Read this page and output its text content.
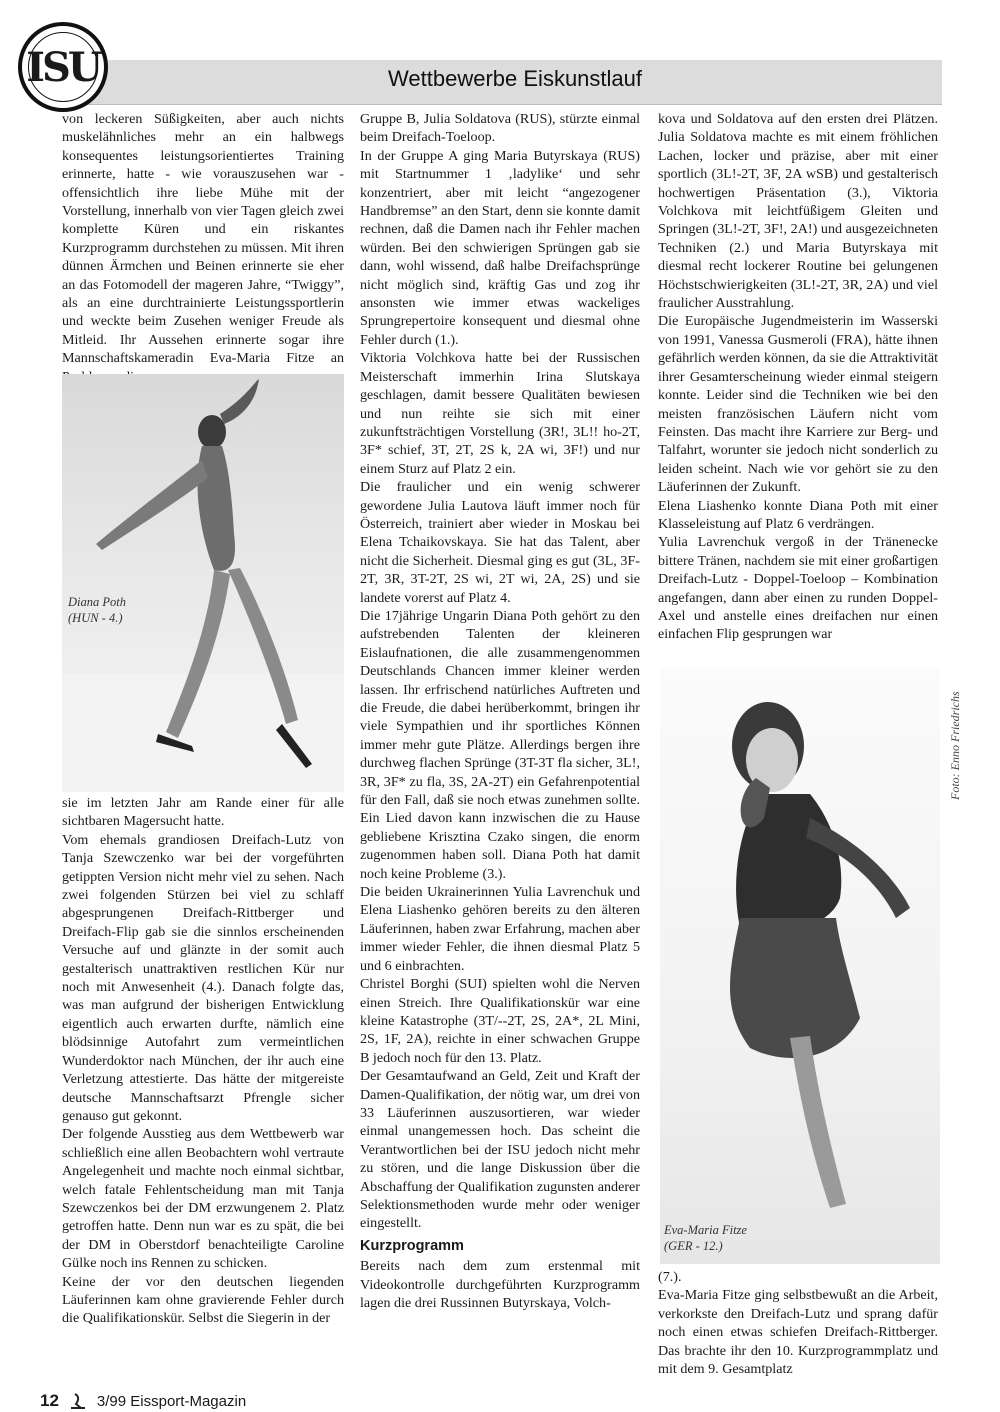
Wettbewerbe Eiskunstlauf
ISU

von leckeren Süßigkeiten, aber auch nichts muskelähnliches mehr an ein halbwegs konsequentes leistungsorientiertes Training erinnerte, hatte - wie vorauszusehen war - offensichtlich ihre liebe Mühe mit der Vorstellung, innerhalb von vier Tagen gleich zwei komplette Küren und ein riskantes Kurzprogramm durchstehen zu müssen. Mit ihren dünnen Ärmchen und Beinen erinnerte sie eher an das Fotomodell der mageren Jahre, “Twiggy”, als an eine durchtrainierte Leistungssportlerin und weckte beim Zusehen weniger Freude als Mitleid. Ihr Aussehen erinnerte sogar ihre Mannschaftskameradin Eva-Maria Fitze an

Diana Poth
(HUN - 4.)

sie im letzten Jahr am Rande einer für alle sichtbaren Magersucht hatte.

Vom ehemals grandiosen Dreifach-Lutz von Tanja Szewczenko war bei der vorgeführten getippten Version nicht mehr viel zu sehen. Nach zwei folgenden Stürzen bei viel zu schlaff abgesprungenen Dreifach-Rittberger und Dreifach-Flip gab sie die sinnlos erscheinenden Versuche auf und glänzte in der somit auch gestalterisch unattraktiven restlichen Kür nur noch mit Anwesenheit (4.). Danach folgte das, was man aufgrund der bisherigen Entwicklung eigentlich auch erwarten durfte, nämlich eine blödsinnige Autofahrt zum vermeintlichen Wunderdoktor nach München, der ihr auch eine Verletzung attestierte. Das hätte der mitgereiste deutsche Mannschaftsarzt Pfrengle sicher genauso gut gekonnt.

Der folgende Ausstieg aus dem Wettbewerb war schließlich eine allen Beobachtern wohl vertraute Angelegenheit und machte noch einmal sichtbar, welch fatale Fehlentscheidung man mit Tanja Szewczenkos bei der DM erzwungenem 2. Platz getroffen hatte. Denn nun war es zu spät, die bei der DM in Oberstdorf benachteiligte Caroline Gülke noch ins Rennen zu schicken.

Keine der vor den deutschen liegenden Läuferinnen kam ohne gravierende Fehler durch die Qualifikationskür. Selbst die Siegerin in der

Gruppe B, Julia Soldatova (RUS), stürzte einmal beim Dreifach-Toeloop.

In der Gruppe A ging Maria Butyrskaya (RUS) mit Startnummer 1 ‚ladylike‘ und sehr konzentriert, aber mit leicht “angezogener Handbremse” an den Start, denn sie konnte damit rechnen, daß die Damen nach ihr Fehler machen würden. Bei den schwierigen Sprüngen gab sie dann, wohl wissend, daß halbe Dreifachsprünge nicht möglich sind, kräftig Gas und zog ihr ansonsten wie immer etwas wackeliges Sprungrepertoire konsequent und diesmal ohne Fehler durch (1.).

Viktoria Volchkova hatte bei der Russischen Meisterschaft immerhin Irina Slutskaya geschlagen, damit bessere Qualitäten bewiesen und nun reihte sie sich mit einer zukunftsträchtigen Vorstellung (3R!, 3L!! ho-2T, 3F* schief, 3T, 2T, 2S k, 2A wi, 3F!) und nur einem Sturz auf Platz 2 ein.

Die fraulicher und ein wenig schwerer gewordene Julia Lautova läuft immer noch für Österreich, trainiert aber wieder in Moskau bei Elena Tchaikovskaya. Sie hat das Talent, aber nicht die Sicherheit. Diesmal ging es gut (3L, 3F-2T, 3R, 3T-2T, 2S wi, 2T wi, 2A, 2S) und sie landete vorerst auf Platz 4.

Die 17jährige Ungarin Diana Poth gehört zu den aufstrebenden Talenten der kleineren Eislaufnationen, die alle zusammengenommen Deutschlands Chancen immer kleiner werden lassen. Ihr erfrischend natürliches Auftreten und die Freude, die dabei herüberkommt, bringen ihr viele Sympathien und ihr sportliches Können immer mehr gute Plätze. Allerdings bergen ihre durchweg flachen Sprünge (3T-3T fla sicher, 3L!, 3R, 3F* zu fla, 3S, 2A-2T) ein Gefahrenpotential für den Fall, daß sie noch etwas zunehmen sollte. Ein Lied davon kann inzwischen die zu Hause gebliebene Krisztina Czako singen, die enorm zugenommen haben soll. Diana Poth hat damit noch keine Probleme (3.).

Die beiden Ukrainerinnen Yulia Lavrenchuk und Elena Liashenko gehören bereits zu den älteren Läuferinnen, haben zwar Erfahrung, machen aber immer wieder Fehler, die ihnen diesmal Platz 5 und 6 einbrachten.

Christel Borghi (SUI) spielten wohl die Nerven einen Streich. Ihre Qualifikationskür war eine kleine Katastrophe (3T/--2T, 2S, 2A*, 2L Mini, 2S, 1F, 2A), reichte in einer schwachen Gruppe B jedoch noch für den 13. Platz.

Der Gesamtaufwand an Geld, Zeit und Kraft der Damen-Qualifikation, der nötig war, um drei von 33 Läuferinnen auszusortieren, war wieder einmal unangemessen hoch. Das scheint die Verantwortlichen bei der ISU jedoch nicht mehr zu stören, und die lange Diskussion über die Abschaffung der Qualifikation zugunsten anderer Selektionsmethoden wurde mehr oder weniger eingestellt.

Kurzprogramm

Bereits nach dem zum erstenmal mit Videokontrolle durchgeführten Kurzprogramm lagen die drei Russinnen Butyrskaya, Volch-

kova und Soldatova auf den ersten drei Plätzen. Julia Soldatova machte es mit einem fröhlichen Lachen, locker und präzise, aber mit einer sportlich (3L!-2T, 3F, 2A wSB) und gestalterisch hochwertigen Präsentation (3.), Viktoria Volchkova mit leichtfüßigem Gleiten und Springen (3L!-2T, 3F!, 2A!) und ausgezeichneten Techniken (2.) und Maria Butyrskaya mit diesmal recht lockerer Routine bei gelungenen Höchstschwierigkeiten (3L!-2T, 3R, 2A) und viel fraulicher Ausstrahlung.

Die Europäische Jugendmeisterin im Wasserski von 1991, Vanessa Gusmeroli (FRA), hätte ihnen gefährlich werden können, da sie die Attraktivität ihrer Gesamterscheinung wieder einmal steigern konnte. Leider sind die Techniken wie bei den meisten französischen Läufern nicht vom Feinsten. Das macht ihre Karriere zur Berg- und Talfahrt, worunter sie jedoch nicht sonderlich zu leiden scheint. Nach wie vor gehört sie zu den Läuferinnen der Zukunft.

Elena Liashenko konnte Diana Poth mit einer Klasseleistung auf Platz 6 verdrängen.

Yulia Lavrenchuk vergoß in der Tränenecke bittere Tränen, nachdem sie mit einer großartigen Dreifach-Lutz - Doppel-Toeloop – Kombination angefangen, dann aber einen zu runden Doppel-Axel und anstelle eines dreifachen nur einen einfachen Flip gesprungen war

Eva-Maria Fitze
(GER - 12.)
Foto: Enno Friedrichs

(7.).

Eva-Maria Fitze ging selbstbewußt an die Arbeit, verkorkste den Dreifach-Lutz und sprang dafür noch einen etwas schiefen Dreifach-Rittberger. Das brachte ihr den 10. Kurzprogrammplatz und mit dem 9. Gesamtplatz

12	3/99 Eissport-Magazin
